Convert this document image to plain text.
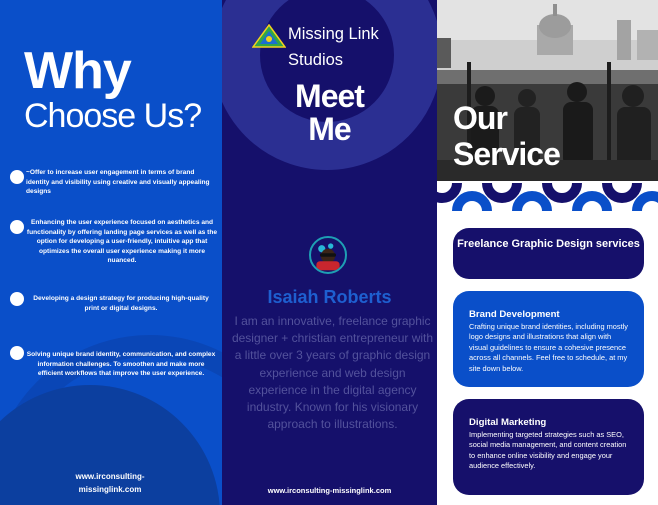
Why
Choose Us?

~Offer to increase user engagement in terms of brand identity and visibility using creative and visually appealing designs

Enhancing the user experience focused on aesthetics and functionality by offering landing page services as well as the option for developing a user-friendly, intuitive app that optimizes the overall user experience making it more nuanced.

Developing a design strategy for producing high-quality print or digital designs.

Solving unique brand identity, communication, and complex information challenges. To smoothen and make more efficient workflows that improve the user experience.

www.irconsulting-
missinglink.com
Missing Link
Studios
Meet
Me
Isaiah Roberts

I am an innovative, freelance graphic designer + christian entrepreneur with a little over 3 years of graphic design experience and web design experience in the digital agency industry. Known for his visionary approach to illustrations.

www.irconsulting-missinglink.com
Our
Service
Freelance Graphic Design services
Brand Development
Crafting unique brand identities, including mostly logo designs and illustrations that align with visual guidelines to ensure a cohesive presence across all channels. Feel free to schedule, at my site down below.
Digital Marketing
Implementing targeted strategies such as SEO, social media management, and content creation to enhance online visibility and engage your audience effectively.
